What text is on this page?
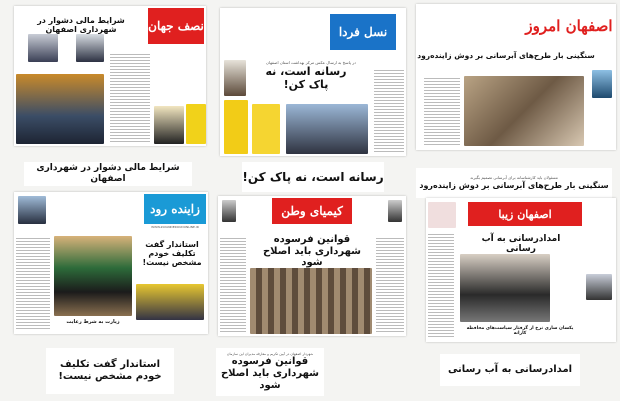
نصف جهان
شرایط مالی دشوار در شهرداری اصفهان	نسل فردا
در پاسخ به ارسال عکس مرکز بهداشت استان اصفهان
رسانه است، نه پاک کن!
اصفهان امروز
سنگینی بار طرح‌های آبرسانی بر دوش زاینده‌رود
شرایط مالی دشوار در شهرداری اصفهان	رسانه است، نه پاک کن!	مسئولان باید کارشناسانه برای آبرسانی تصمیم بگیرند
سنگینی بار طرح‌های آبرسانی بر دوش زاینده‌رود
زاینده رود
WWW.ZAYANDEROUDONLINE.IR
استاندار گفت تکلیف خودم مشخص نیست!
زیارت به شرط رعایت
کیمیای وطن
قوانین فرسوده شهرداری باید اصلاح شود
اصفهان زیبا
امدادرسانی به آب رسانی
یکسان سازی نرخ از گرفتار سیاست‌های محافظه کارانه
استاندار گفت تکلیف خودم مشخص نیست!
شهردار اصفهان در آیین تکریم و معارفه مدیران این سازمان
قوانین فرسوده شهرداری باید اصلاح شود
امدادرسانی به آب رسانی
